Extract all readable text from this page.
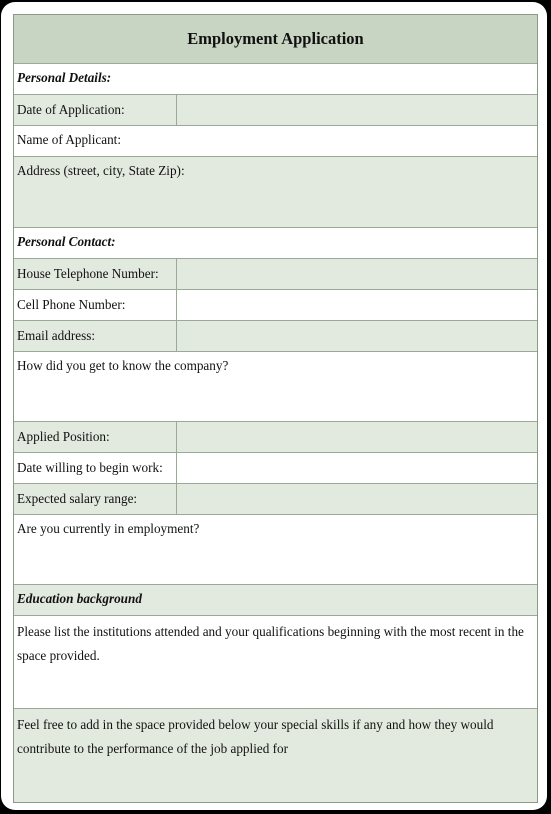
Employment Application
Personal Details:
Date of Application:
Name of Applicant:
Address (street, city, State Zip):
Personal Contact:
House Telephone Number:
Cell Phone Number:
Email address:
How did you get to know the company?
Applied Position:
Date willing to begin work:
Expected salary range:
Are you currently in employment?
Education background
Please list the institutions attended and your qualifications beginning with the most recent in the space provided.
Feel free to add in the space provided below your special skills if any and how they would contribute to the performance of the job applied for
